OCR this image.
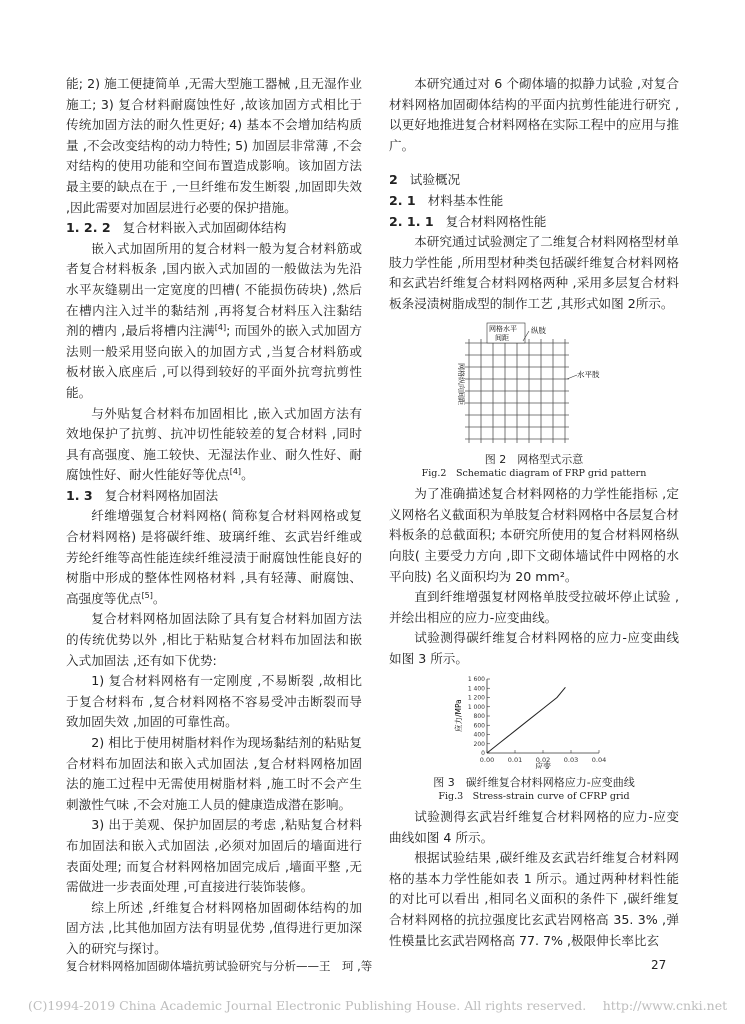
能; 2) 施工便捷简单 ,无需大型施工器械 ,且无湿作业施工; 3) 复合材料耐腐蚀性好 ,故该加固方式相比于传统加固方法的耐久性更好; 4) 基本不会增加结构质量 ,不会改变结构的动力特性; 5) 加固层非常薄 ,不会对结构的使用功能和空间布置造成影响。该加固方法最主要的缺点在于 ,一旦纤维布发生断裂 ,加固即失效 ,因此需要对加固层进行必要的保护措施。

1. 2. 2 复合材料嵌入式加固砌体结构

嵌入式加固所用的复合材料一般为复合材料筋或者复合材料板条 ,国内嵌入式加固的一般做法为先沿水平灰缝剔出一定宽度的凹槽( 不能损伤砖块) ,然后在槽内注入过半的黏结剂 ,再将复合材料压入注黏结剂的槽内 ,最后将槽内注满[4]; 而国外的嵌入式加固方法则一般采用竖向嵌入的加固方式 ,当复合材料筋或板材嵌入底座后 ,可以得到较好的平面外抗弯抗剪性能。

与外贴复合材料布加固相比 ,嵌入式加固方法有效地保护了抗剪、抗冲切性能较差的复合材料 ,同时具有高强度、施工较快、无湿法作业、耐久性好、耐腐蚀性好、耐火性能好等优点[4]。

1. 3 复合材料网格加固法

纤维增强复合材料网格( 简称复合材料网格或复合材料网格) 是将碳纤维、玻璃纤维、玄武岩纤维或芳纶纤维等高性能连续纤维浸渍于耐腐蚀性能良好的树脂中形成的整体性网格材料 ,具有轻薄、耐腐蚀、高强度等优点[5]。

复合材料网格加固法除了具有复合材料加固方法的传统优势以外 ,相比于粘贴复合材料布加固法和嵌入式加固法 ,还有如下优势:

1) 复合材料网格有一定刚度 ,不易断裂 ,故相比于复合材料布 ,复合材料网格不容易受冲击断裂而导致加固失效 ,加固的可靠性高。

2) 相比于使用树脂材料作为现场黏结剂的粘贴复合材料布加固法和嵌入式加固法 ,复合材料网格加固法的施工过程中无需使用树脂材料 ,施工时不会产生刺激性气味 ,不会对施工人员的健康造成潜在影响。

3) 出于美观、保护加固层的考虑 ,粘贴复合材料布加固法和嵌入式加固法 ,必须对加固后的墙面进行表面处理; 而复合材料网格加固完成后 ,墙面平整 ,无需做进一步表面处理 ,可直接进行装饰装修。

综上所述 ,纤维复合材料网格加固砌体结构的加固方法 ,比其他加固方法有明显优势 ,值得进行更加深入的研究与探讨。

本研究通过对 6 个砌体墙的拟静力试验 ,对复合材料网格加固砌体结构的平面内抗剪性能进行研究 ,以更好地推进复合材料网格在实际工程中的应用与推广。

2 试验概况

2. 1 材料基本性能

2. 1. 1 复合材料网格性能

本研究通过试验测定了二维复合材料网格型材单肢力学性能 ,所用型材种类包括碳纤维复合材料网格和玄武岩纤维复合材料网格两种 ,采用多层复合材料板条浸渍树脂成型的制作工艺 ,其形式如图 2所示。

网格水平
间距
纵肢
网格纵向间距	水平肢
图 2　网格型式示意
Fig.2　Schematic diagram of FRP grid pattern

为了准确描述复合材料网格的力学性能指标 ,定义网格名义截面积为单肢复合材料网格中各层复合材料板条的总截面积; 本研究所使用的复合材料网格纵向肢( 主要受力方向 ,即下文砌体墙试件中网格的水平向肢) 名义面积均为 20 mm²。

直到纤维增强复材网格单肢受拉破坏停止试验 ,并绘出相应的应力-应变曲线。

试验测得碳纤维复合材料网格的应力-应变曲线如图 3 所示。

应力/MPa
应变
0
200
400
600
800
1 000
1 200
1 400
1 600
0.00 0.01 0.02 0.03 0.04
图 3　碳纤维复合材料网格应力-应变曲线
Fig.3　Stress-strain curve of CFRP grid

试验测得玄武岩纤维复合材料网格的应力-应变曲线如图 4 所示。

根据试验结果 ,碳纤维及玄武岩纤维复合材料网格的基本力学性能如表 1 所示。通过两种材料性能的对比可以看出 ,相同名义面积的条件下 ,碳纤维复合材料网格的抗拉强度比玄武岩网格高 35. 3% ,弹性模量比玄武岩网格高 77. 7% ,极限伸长率比玄

复合材料网格加固砌体墙抗剪试验研究与分析——王　珂 ,等	27
(C)1994-2019 China Academic Journal Electronic Publishing House. All rights reserved.　 http://www.cnki.net
